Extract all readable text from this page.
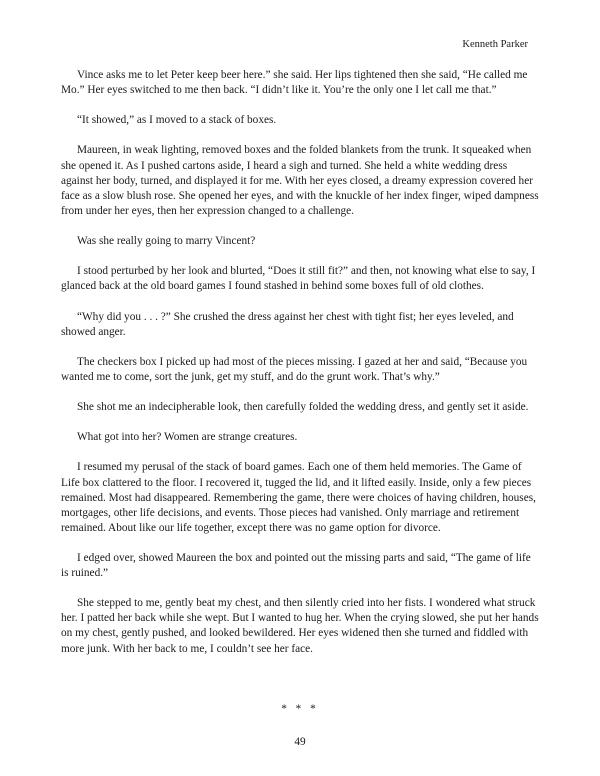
Kenneth Parker

Vince asks me to let Peter keep beer here.” she said. Her lips tightened then she said, “He called me Mo.” Her eyes switched to me then back. “I didn’t like it. You’re the only one I let call me that.”

“It showed,” as I moved to a stack of boxes.

Maureen, in weak lighting, removed boxes and the folded blankets from the trunk. It squeaked when she opened it. As I pushed cartons aside, I heard a sigh and turned. She held a white wedding dress against her body, turned, and displayed it for me. With her eyes closed, a dreamy expression covered her face as a slow blush rose. She opened her eyes, and with the knuckle of her index finger, wiped dampness from under her eyes, then her expression changed to a challenge.

Was she really going to marry Vincent?

I stood perturbed by her look and blurted, “Does it still fit?” and then, not knowing what else to say, I glanced back at the old board games I found stashed in behind some boxes full of old clothes.

“Why did you . . . ?” She crushed the dress against her chest with tight fist; her eyes leveled, and showed anger.

The checkers box I picked up had most of the pieces missing. I gazed at her and said, “Because you wanted me to come, sort the junk, get my stuff, and do the grunt work. That’s why.”

She shot me an indecipherable look, then carefully folded the wedding dress, and gently set it aside.

What got into her? Women are strange creatures.

I resumed my perusal of the stack of board games. Each one of them held memories. The Game of Life box clattered to the floor. I recovered it, tugged the lid, and it lifted easily. Inside, only a few pieces remained. Most had disappeared. Remembering the game, there were choices of having children, houses, mortgages, other life decisions, and events. Those pieces had vanished. Only marriage and retirement remained. About like our life together, except there was no game option for divorce.

I edged over, showed Maureen the box and pointed out the missing parts and said, “The game of life is ruined.”

She stepped to me, gently beat my chest, and then silently cried into her fists. I wondered what struck her. I patted her back while she wept. But I wanted to hug her. When the crying slowed, she put her hands on my chest, gently pushed, and looked bewildered. Her eyes widened then she turned and fiddled with more junk. With her back to me, I couldn’t see her face.

* * *
49
